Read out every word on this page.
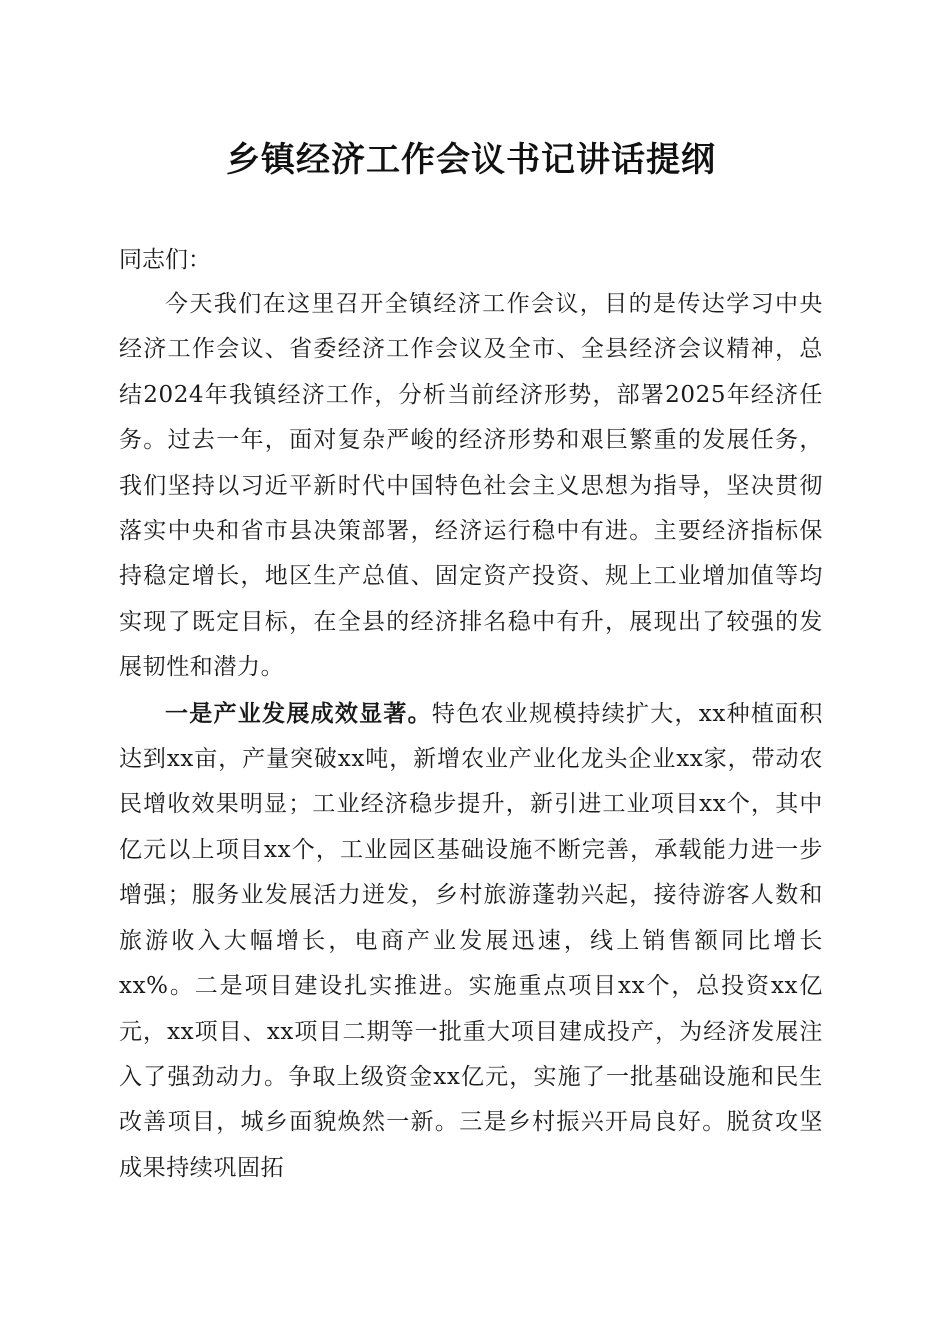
乡镇经济工作会议书记讲话提纲

同志们：

今天我们在这里召开全镇经济工作会议，目的是传达学习中央经济工作会议、省委经济工作会议及全市、全县经济会议精神，总结2024年我镇经济工作，分析当前经济形势，部署2025年经济任务。过去一年，面对复杂严峻的经济形势和艰巨繁重的发展任务，我们坚持以习近平新时代中国特色社会主义思想为指导，坚决贯彻落实中央和省市县决策部署，经济运行稳中有进。主要经济指标保持稳定增长，地区生产总值、固定资产投资、规上工业增加值等均实现了既定目标，在全县的经济排名稳中有升，展现出了较强的发展韧性和潜力。

一是产业发展成效显著。特色农业规模持续扩大，xx种植面积达到xx亩，产量突破xx吨，新增农业产业化龙头企业xx家，带动农民增收效果明显；工业经济稳步提升，新引进工业项目xx个，其中亿元以上项目xx个，工业园区基础设施不断完善，承载能力进一步增强；服务业发展活力迸发，乡村旅游蓬勃兴起，接待游客人数和旅游收入大幅增长，电商产业发展迅速，线上销售额同比增长xx%。二是项目建设扎实推进。实施重点项目xx个，总投资xx亿元，xx项目、xx项目二期等一批重大项目建成投产，为经济发展注入了强劲动力。争取上级资金xx亿元，实施了一批基础设施和民生改善项目，城乡面貌焕然一新。三是乡村振兴开局良好。脱贫攻坚成果持续巩固拓
